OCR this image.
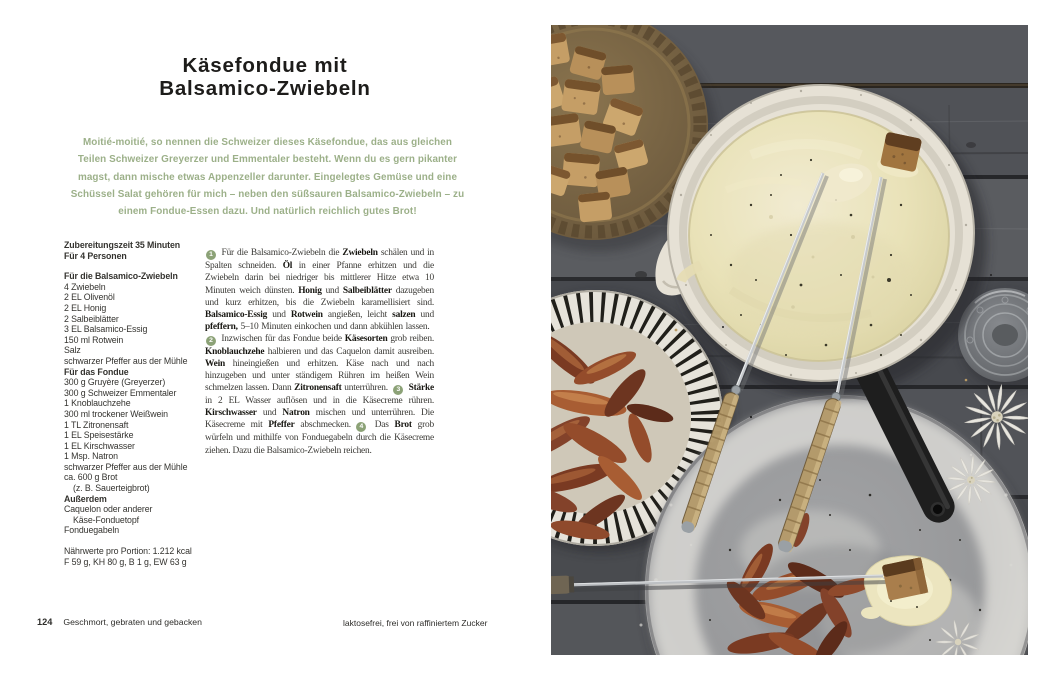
Käsefondue mit
Balsamico-Zwiebeln
Moitié-moitié, so nennen die Schweizer dieses Käsefondue, das aus gleichen
Teilen Schweizer Greyerzer und Emmentaler besteht. Wenn du es gern pikanter
magst, dann mische etwas Appenzeller darunter. Eingelegtes Gemüse und eine
Schüssel Salat gehören für mich – neben den süßsauren Balsamico-Zwiebeln – zu
einem Fondue-Essen dazu. Und natürlich reichlich gutes Brot!
Zubereitungszeit 35 Minuten
Für 4 Personen
Für die Balsamico-Zwiebeln
4 Zwiebeln
2 EL Olivenöl
2 EL Honig
2 Salbeiblätter
3 EL Balsamico-Essig
150 ml Rotwein
Salz
schwarzer Pfeffer aus der Mühle
Für das Fondue
300 g Gruyère (Greyerzer)
300 g Schweizer Emmentaler
1 Knoblauchzehe
300 ml trockener Weißwein
1 TL Zitronensaft
1 EL Speisestärke
1 EL Kirschwasser
1 Msp. Natron
schwarzer Pfeffer aus der Mühle
ca. 600 g Brot
(z. B. Sauerteigbrot)
Außerdem
Caquelon oder anderer
Käse-Fonduetopf
Fonduegabeln
Nährwerte pro Portion: 1.212 kcal
F 59 g, KH 80 g, B 1 g, EW 63 g

1 Für die Balsamico-Zwiebeln die Zwiebeln schälen und in Spalten schneiden. Öl in einer Pfanne erhitzen und die Zwiebeln darin bei niedriger bis mittlerer Hitze etwa 10 Minuten weich dünsten. Honig und Salbeiblätter dazugeben und kurz erhitzen, bis die Zwiebeln karamellisiert sind. Balsamico-Essig und Rotwein angießen, leicht salzen und pfeffern, 5–10 Minuten einkochen und dann abkühlen lassen. 2 Inzwischen für das Fondue beide Käsesorten grob reiben. Knoblauchzehe halbieren und das Caquelon damit ausreiben. Wein hineingießen und erhitzen. Käse nach und nach hinzugeben und unter ständigem Rühren im heißen Wein schmelzen lassen. Dann Zitronensaft unterrühren. 3 Stärke in 2 EL Wasser auflösen und in die Käsecreme rühren. Kirschwasser und Natron mischen und unterrühren. Die Käsecreme mit Pfeffer abschmecken. 4 Das Brot grob würfeln und mithilfe von Fonduegabeln durch die Käsecreme ziehen. Dazu die Balsamico-Zwiebeln reichen.

124 Geschmort, gebraten und gebacken	laktosefrei, frei von raffiniertem Zucker
